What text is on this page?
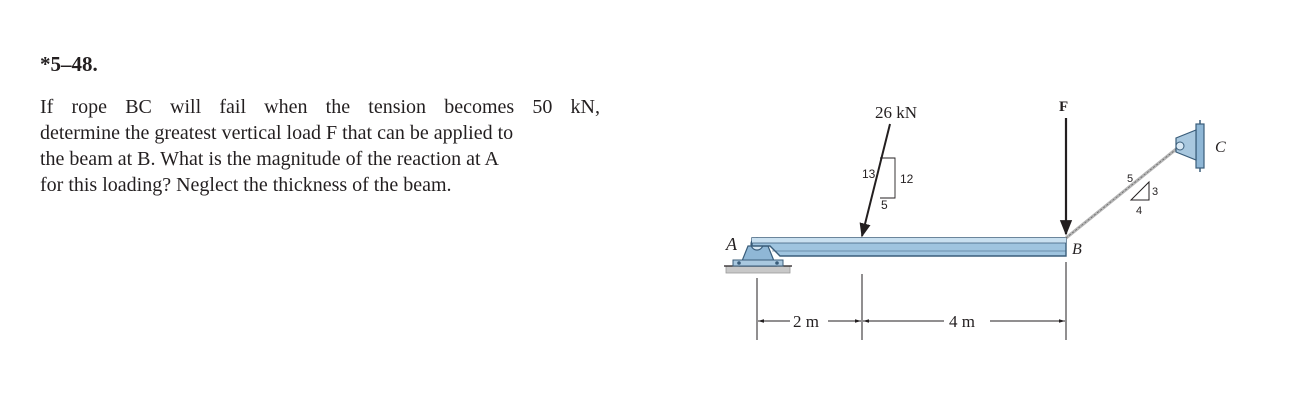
*5–48.

If rope BC will fail when the tension becomes 50 kN,
determine the greatest vertical load F that can be applied to
the beam at B. What is the magnitude of the reaction at A
for this loading? Neglect the thickness of the beam.

26 kN
13 12
5
F
A	B
C
5
3
4
2 m	4 m
